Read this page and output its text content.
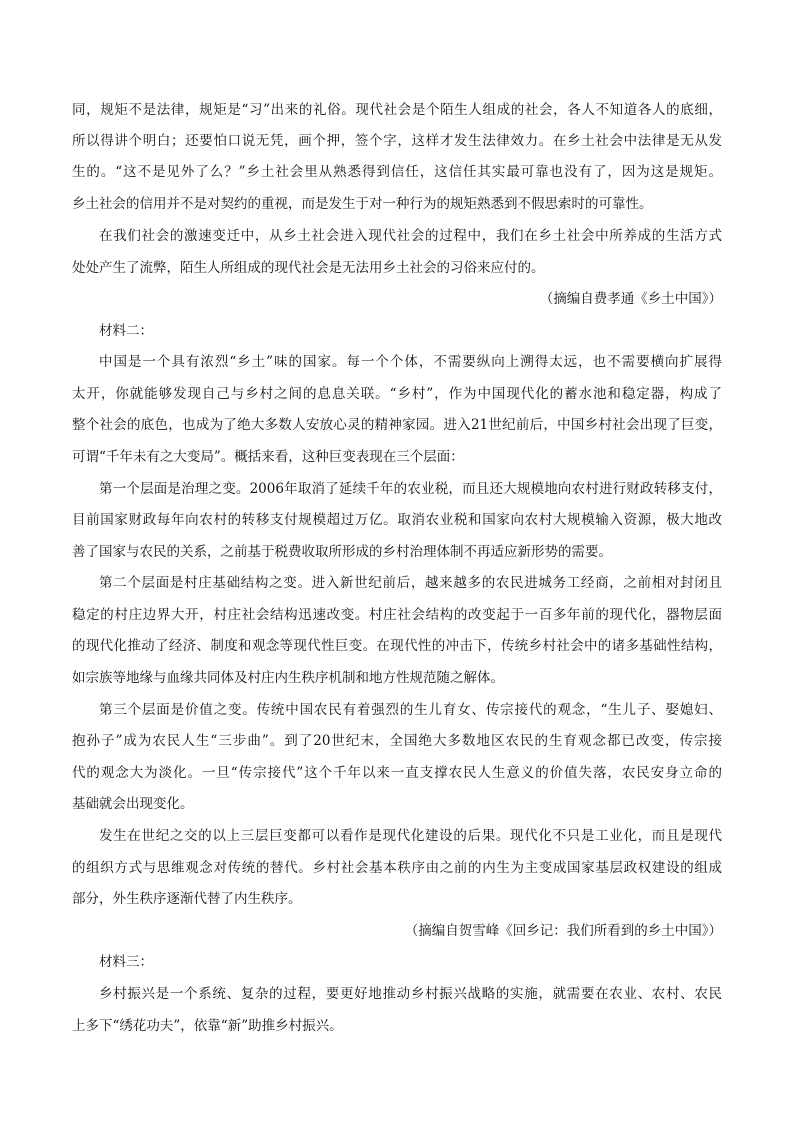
同，规矩不是法律，规矩是“习”出来的礼俗。现代社会是个陌生人组成的社会，各人不知道各人的底细，
所以得讲个明白；还要怕口说无凭，画个押，签个字，这样才发生法律效力。在乡土社会中法律是无从发
生的。“这不是见外了么？”乡土社会里从熟悉得到信任，这信任其实最可靠也没有了，因为这是规矩。
乡土社会的信用并不是对契约的重视，而是发生于对一种行为的规矩熟悉到不假思索时的可靠性。
在我们社会的激速变迁中，从乡土社会进入现代社会的过程中，我们在乡土社会中所养成的生活方式
处处产生了流弊，陌生人所组成的现代社会是无法用乡土社会的习俗来应付的。
（摘编自费孝通《乡土中国》）
材料二：
中国是一个具有浓烈“乡土”味的国家。每一个个体，不需要纵向上溯得太远，也不需要横向扩展得
太开，你就能够发现自己与乡村之间的息息关联。“乡村”，作为中国现代化的蓄水池和稳定器，构成了
整个社会的底色，也成为了绝大多数人安放心灵的精神家园。进入21世纪前后，中国乡村社会出现了巨变，
可谓“千年未有之大变局”。概括来看，这种巨变表现在三个层面：
第一个层面是治理之变。2006年取消了延续千年的农业税，而且还大规模地向农村进行财政转移支付，
目前国家财政每年向农村的转移支付规模超过万亿。取消农业税和国家向农村大规模输入资源，极大地改
善了国家与农民的关系，之前基于税费收取所形成的乡村治理体制不再适应新形势的需要。
第二个层面是村庄基础结构之变。进入新世纪前后，越来越多的农民进城务工经商，之前相对封闭且
稳定的村庄边界大开，村庄社会结构迅速改变。村庄社会结构的改变起于一百多年前的现代化，器物层面
的现代化推动了经济、制度和观念等现代性巨变。在现代性的冲击下，传统乡村社会中的诸多基础性结构，
如宗族等地缘与血缘共同体及村庄内生秩序机制和地方性规范随之解体。
第三个层面是价值之变。传统中国农民有着强烈的生儿育女、传宗接代的观念，“生儿子、娶媳妇、
抱孙子”成为农民人生“三步曲”。到了20世纪末，全国绝大多数地区农民的生育观念都已改变，传宗接
代的观念大为淡化。一旦“传宗接代”这个千年以来一直支撑农民人生意义的价值失落，农民安身立命的
基础就会出现变化。
发生在世纪之交的以上三层巨变都可以看作是现代化建设的后果。现代化不只是工业化，而且是现代
的组织方式与思维观念对传统的替代。乡村社会基本秩序由之前的内生为主变成国家基层政权建设的组成
部分，外生秩序逐渐代替了内生秩序。
（摘编自贺雪峰《回乡记：我们所看到的乡土中国》）
材料三：
乡村振兴是一个系统、复杂的过程，要更好地推动乡村振兴战略的实施，就需要在农业、农村、农民
上多下“绣花功夫”，依靠“新”助推乡村振兴。
